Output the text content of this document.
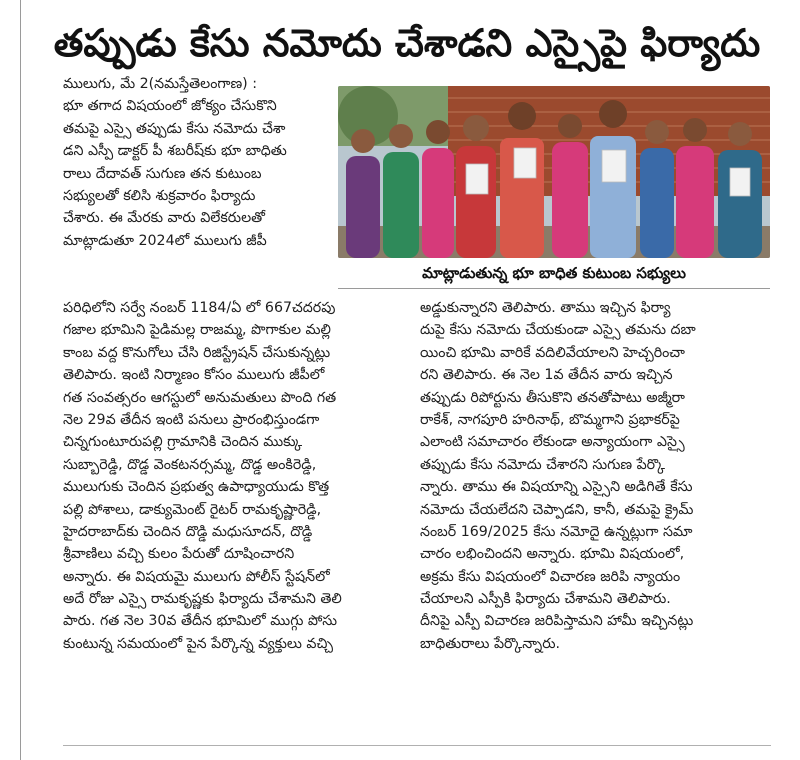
తప్పుడు కేసు నమోదు చేశాడని ఎస్సైపై ఫిర్యాదు
ములుగు, మే 2(నమస్తేతెలంగాణ) :
భూ తగాద విషయంలో జోక్యం చేసుకొని
తమపై ఎస్సై తప్పుడు కేసు నమోదు చేశా
డని ఎస్పీ డాక్టర్ పీ శబరీష్‌కు భూ బాధితు
రాలు దేదావత్ సుగుణ తన కుటుంబ
సభ్యులతో కలిసి శుక్రవారం ఫిర్యాదు
చేశారు. ఈ మేరకు వారు విలేకరులతో
మాట్లాడుతూ 2024లో ములుగు జీపీ
మాట్లాడుతున్న భూ బాధిత కుటుంబ సభ్యులు
పరిధిలోని సర్వే నంబర్ 1184/ఏ లో 667చదరపు
గజాల భూమిని పైడిమల్ల రాజమ్మ, పొగాకుల మల్లి
కాంబ వద్ద కొనుగోలు చేసి రిజిస్ట్రేషన్ చేసుకున్నట్లు
తెలిపారు. ఇంటి నిర్మాణం కోసం ములుగు జీపీలో
గత సంవత్సరం ఆగస్టులో అనుమతులు పొంది గత
నెల 29వ తేదీన ఇంటి పనులు ప్రారంభిస్తుండగా
చిన్నగుంటూరుపల్లి గ్రామానికి చెందిన ముక్కు
సుబ్బారెడ్డి, దొడ్డ వెంకటనర్సమ్మ, దొడ్డ అంకిరెడ్డి,
ములుగుకు చెందిన ప్రభుత్వ ఉపాధ్యాయుడు కొత్త
పల్లి పోశాలు, డాక్యుమెంట్ రైటర్ రామకృష్ణారెడ్డి,
హైదరాబాద్‌కు చెందిన దొడ్డి మధుసూదన్, దొడ్డి
శ్రీవాణిలు వచ్చి కులం పేరుతో దూషించారని
అన్నారు. ఈ విషయమై ములుగు పోలీస్ స్టేషన్‌లో
అదే రోజు ఎస్సై రామకృష్ణకు ఫిర్యాదు చేశామని తెలి
పారు. గత నెల 30వ తేదీన భూమిలో ముగ్గు పోసు
కుంటున్న సమయంలో పైన పేర్కొన్న వ్యక్తులు వచ్చి
అడ్డుకున్నారని తెలిపారు. తాము ఇచ్చిన ఫిర్యా
దుపై కేసు నమోదు చేయకుండా ఎస్సై తమను దబా
యించి భూమి వారికే వదిలివేయాలని హెచ్చరించా
రని తెలిపారు. ఈ నెల 1వ తేదీన వారు ఇచ్చిన
తప్పుడు రిపోర్టును తీసుకొని తనతోపాటు అజ్మీరా
రాకేశ్, నాగపూరి హరినాథ్, బొమ్మగాని ప్రభాకర్‌పై
ఎలాంటి సమాచారం లేకుండా అన్యాయంగా ఎస్సై
తప్పుడు కేసు నమోదు చేశారని సుగుణ పేర్కొ
న్నారు. తాము ఈ విషయాన్ని ఎస్సైని అడిగితే కేసు
నమోదు చేయలేదని చెప్పాడని, కానీ, తమపై క్రైమ్
నంబర్ 169/2025 కేసు నమోదై ఉన్నట్లుగా సమా
చారం లభించిందని అన్నారు. భూమి విషయంలో,
అక్రమ కేసు విషయంలో విచారణ జరిపి న్యాయం
చేయాలని ఎస్పీకి ఫిర్యాదు చేశామని తెలిపారు.
దీనిపై ఎస్పీ విచారణ జరిపిస్తామని హామీ ఇచ్చినట్లు
బాధితురాలు పేర్కొన్నారు.
